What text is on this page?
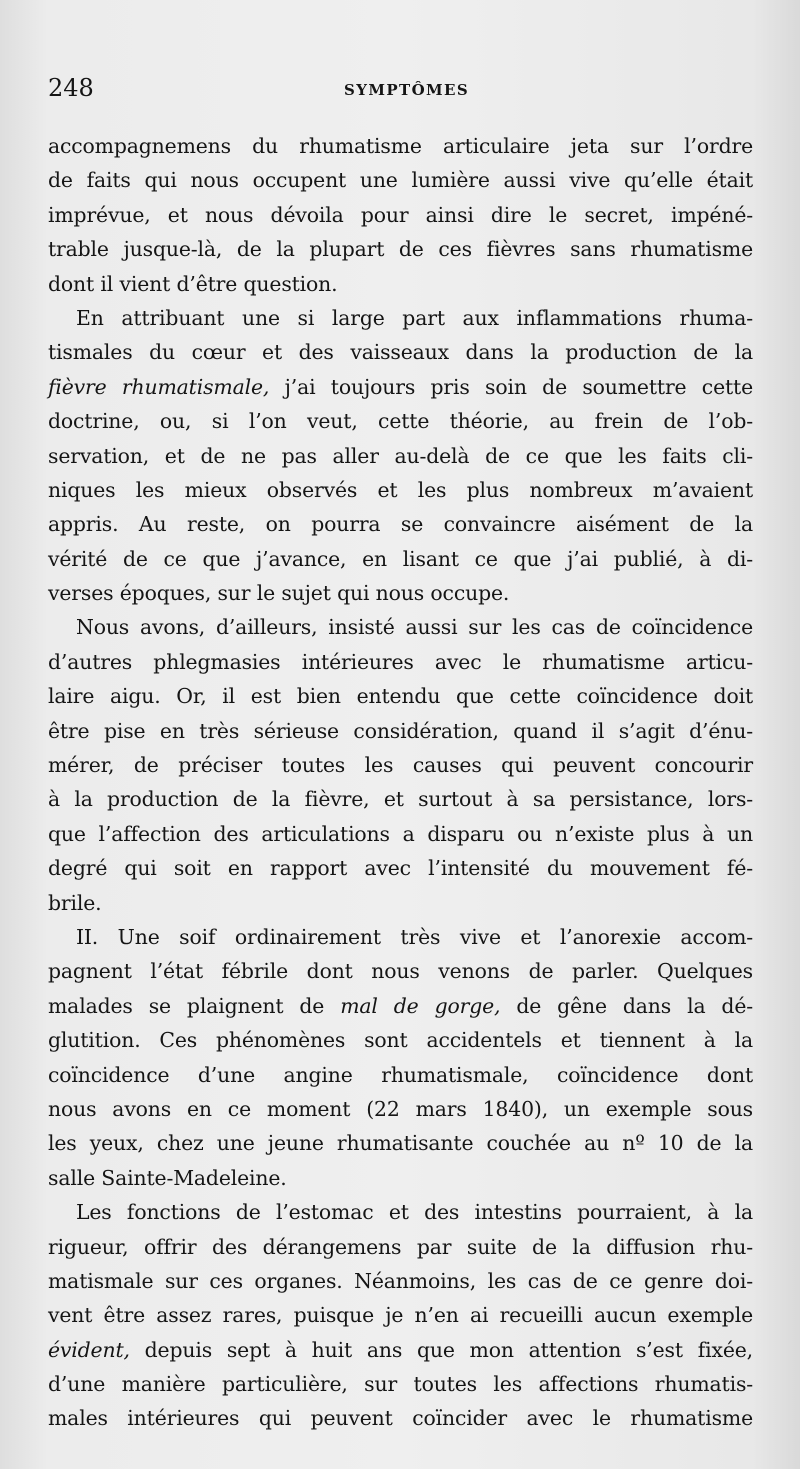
248	SYMPTÔMES
accompagnemens du rhumatisme articulaire jeta sur l’ordre
de faits qui nous occupent une lumière aussi vive qu’elle était
imprévue, et nous dévoila pour ainsi dire le secret, impéné-
trable jusque-là, de la plupart de ces fièvres sans rhumatisme
dont il vient d’être question.
En attribuant une si large part aux inflammations rhuma-
tismales du cœur et des vaisseaux dans la production de la
fièvre rhumatismale, j’ai toujours pris soin de soumettre cette
doctrine, ou, si l’on veut, cette théorie, au frein de l’ob-
servation, et de ne pas aller au-delà de ce que les faits cli-
niques les mieux observés et les plus nombreux m’avaient
appris. Au reste, on pourra se convaincre aisément de la
vérité de ce que j’avance, en lisant ce que j’ai publié, à di-
verses époques, sur le sujet qui nous occupe.
Nous avons, d’ailleurs, insisté aussi sur les cas de coïncidence
d’autres phlegmasies intérieures avec le rhumatisme articu-
laire aigu. Or, il est bien entendu que cette coïncidence doit
être pise en très sérieuse considération, quand il s’agit d’énu-
mérer, de préciser toutes les causes qui peuvent concourir
à la production de la fièvre, et surtout à sa persistance, lors-
que l’affection des articulations a disparu ou n’existe plus à un
degré qui soit en rapport avec l’intensité du mouvement fé-
brile.
II. Une soif ordinairement très vive et l’anorexie accom-
pagnent l’état fébrile dont nous venons de parler. Quelques
malades se plaignent de mal de gorge, de gêne dans la dé-
glutition. Ces phénomènes sont accidentels et tiennent à la
coïncidence d’une angine rhumatismale, coïncidence dont
nous avons en ce moment (22 mars 1840), un exemple sous
les yeux, chez une jeune rhumatisante couchée au nº 10 de la
salle Sainte-Madeleine.
Les fonctions de l’estomac et des intestins pourraient, à la
rigueur, offrir des dérangemens par suite de la diffusion rhu-
matismale sur ces organes. Néanmoins, les cas de ce genre doi-
vent être assez rares, puisque je n’en ai recueilli aucun exemple
évident, depuis sept à huit ans que mon attention s’est fixée,
d’une manière particulière, sur toutes les affections rhumatis-
males intérieures qui peuvent coïncider avec le rhumatisme
